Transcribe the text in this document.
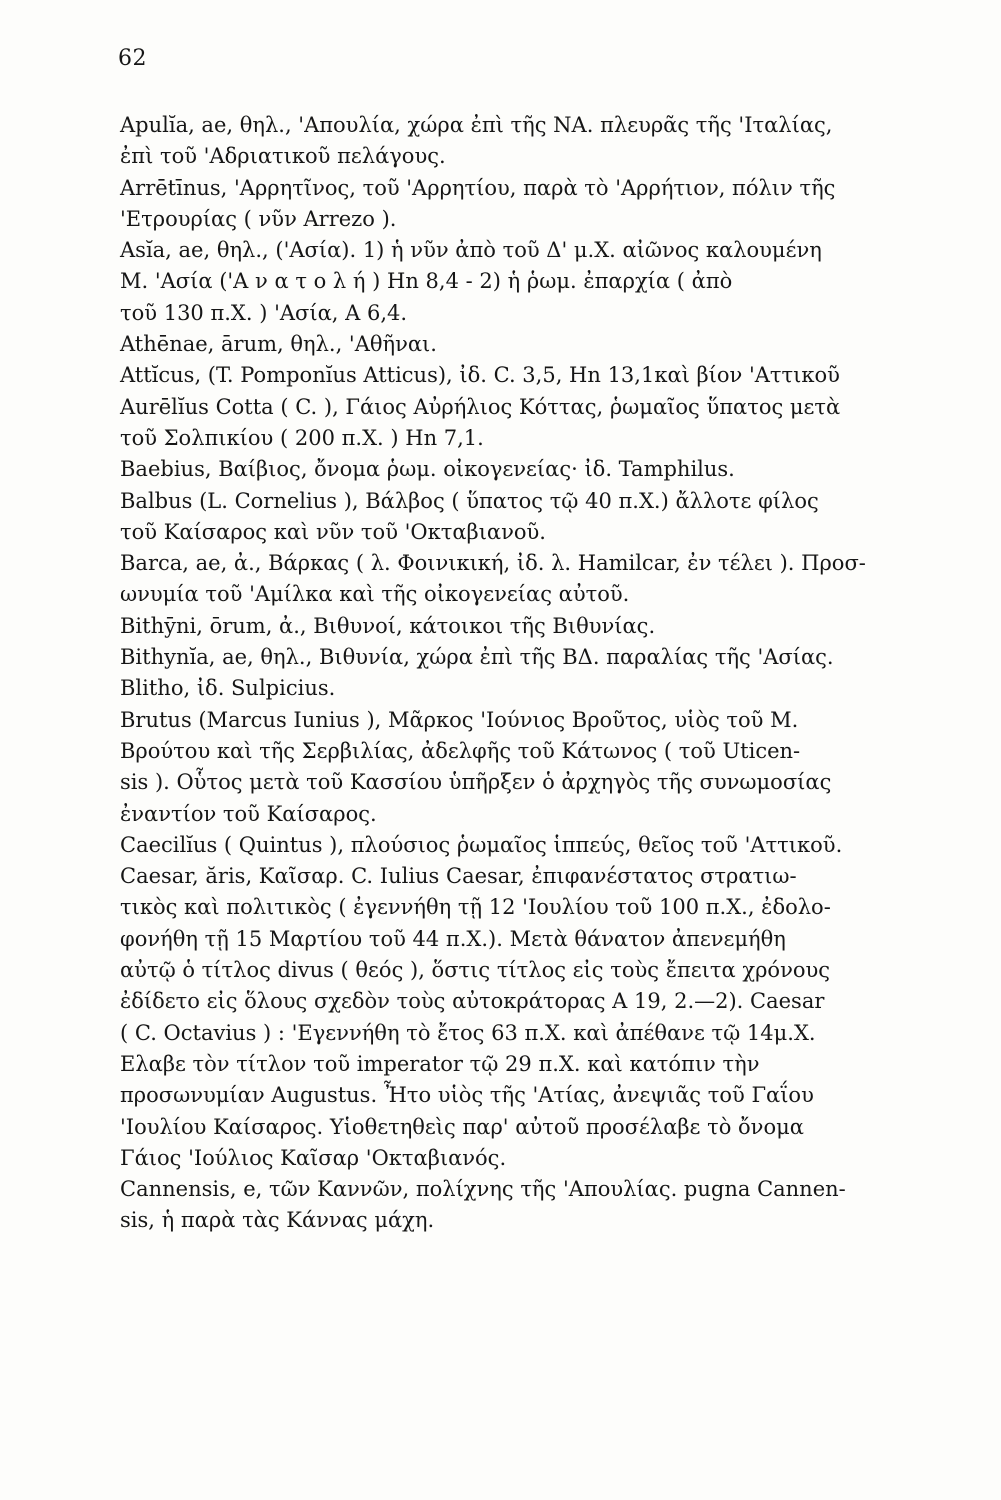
62

Apulĭa, ae, θηλ., 'Απουλία, χώρα ἐπὶ τῆς ΝΑ. πλευρᾶς τῆς 'Ιταλίας,
ἐπὶ τοῦ 'Αδριατικοῦ πελάγους.

Arrētīnus, 'Αρρητῖνος, τοῦ 'Αρρητίου, παρὰ τὸ 'Αρρήτιον, πόλιν τῆς
'Ετρουρίας ( νῦν Arrezo ).

Asĭa, ae, θηλ., ('Ασία). 1) ἡ νῦν ἀπὸ τοῦ Δ' μ.Χ. αἰῶνος καλουμένη
Μ. 'Ασία ('Α ν α τ ο λ ή ) Hn 8,4 - 2) ἡ ῥωμ. ἐπαρχία ( ἀπὸ
τοῦ 130 π.Χ. ) 'Ασία, A 6,4.

Athēnae, ārum, θηλ., 'Αθῆναι.

Attĭcus, (T. Pomponĭus Atticus), ἰδ. C. 3,5, Hn 13,1καὶ βίον 'Αττικοῦ

Aurēlĭus Cotta ( C. ), Γάιος Αὐρήλιος Κόττας, ῥωμαῖος ὕπατος μετὰ
τοῦ Σολπικίου ( 200 π.Χ. ) Hn 7,1.

Baebius, Βαίβιος, ὄνομα ῥωμ. οἰκογενείας· ἰδ. Tamphilus.

Balbus (L. Cornelius ), Βάλβος ( ὕπατος τῷ 40 π.Χ.) ἄλλοτε φίλος
τοῦ Καίσαρος καὶ νῦν τοῦ 'Οκταβιανοῦ.

Barca, ae, ἀ., Βάρκας ( λ. Φοινικική, ἰδ. λ. Hamilcar, ἐν τέλει ). Προσ-
ωνυμία τοῦ 'Αμίλκα καὶ τῆς οἰκογενείας αὐτοῦ.

Bithȳni, ōrum, ἀ., Βιθυνοί, κάτοικοι τῆς Βιθυνίας.

Bithynĭa, ae, θηλ., Βιθυνία, χώρα ἐπὶ τῆς ΒΔ. παραλίας τῆς 'Ασίας.

Blitho, ἰδ. Sulpicius.

Brutus (Marcus Iunius ), Μᾶρκος 'Ιούνιος Βροῦτος, υἱὸς τοῦ Μ.
Βρούτου καὶ τῆς Σερβιλίας, ἀδελφῆς τοῦ Κάτωνος ( τοῦ Uticen-
sis ). Οὗτος μετὰ τοῦ Κασσίου ὑπῆρξεν ὁ ἀρχηγὸς τῆς συνωμοσίας
ἐναντίον τοῦ Καίσαρος.

Caecilĭus ( Quintus ), πλούσιος ῥωμαῖος ἱππεύς, θεῖος τοῦ 'Αττικοῦ.

Caesar, ăris, Καῖσαρ. C. Iulius Caesar, ἐπιφανέστατος στρατιω-
τικὸς καὶ πολιτικὸς ( ἐγεννήθη τῇ 12 'Ιουλίου τοῦ 100 π.Χ., ἐδολο-
φονήθη τῇ 15 Μαρτίου τοῦ 44 π.Χ.). Μετὰ θάνατον ἀπενεμήθη
αὐτῷ ὁ τίτλος divus ( θεός ), ὅστις τίτλος εἰς τοὺς ἔπειτα χρόνους
ἐδίδετο εἰς ὅλους σχεδὸν τοὺς αὐτοκράτορας A 19, 2.—2). Caesar
( C. Octavius ) : 'Εγεννήθη τὸ ἔτος 63 π.Χ. καὶ ἀπέθανε τῷ 14μ.Χ.
Ελαβε τὸν τίτλον τοῦ imperator τῷ 29 π.Χ. καὶ κατόπιν τὴν
προσωνυμίαν Augustus. Ἦτο υἱὸς τῆς 'Ατίας, ἀνεψιᾶς τοῦ Γαΐου
'Ιουλίου Καίσαρος. Υἱοθετηθεὶς παρ' αὐτοῦ προσέλαβε τὸ ὄνομα
Γάιος 'Ιούλιος Καῖσαρ 'Οκταβιανός.

Cannensis, e, τῶν Καννῶν, πολίχνης τῆς 'Απουλίας. pugna Cannen-
sis, ἡ παρὰ τὰς Κάννας μάχη.
